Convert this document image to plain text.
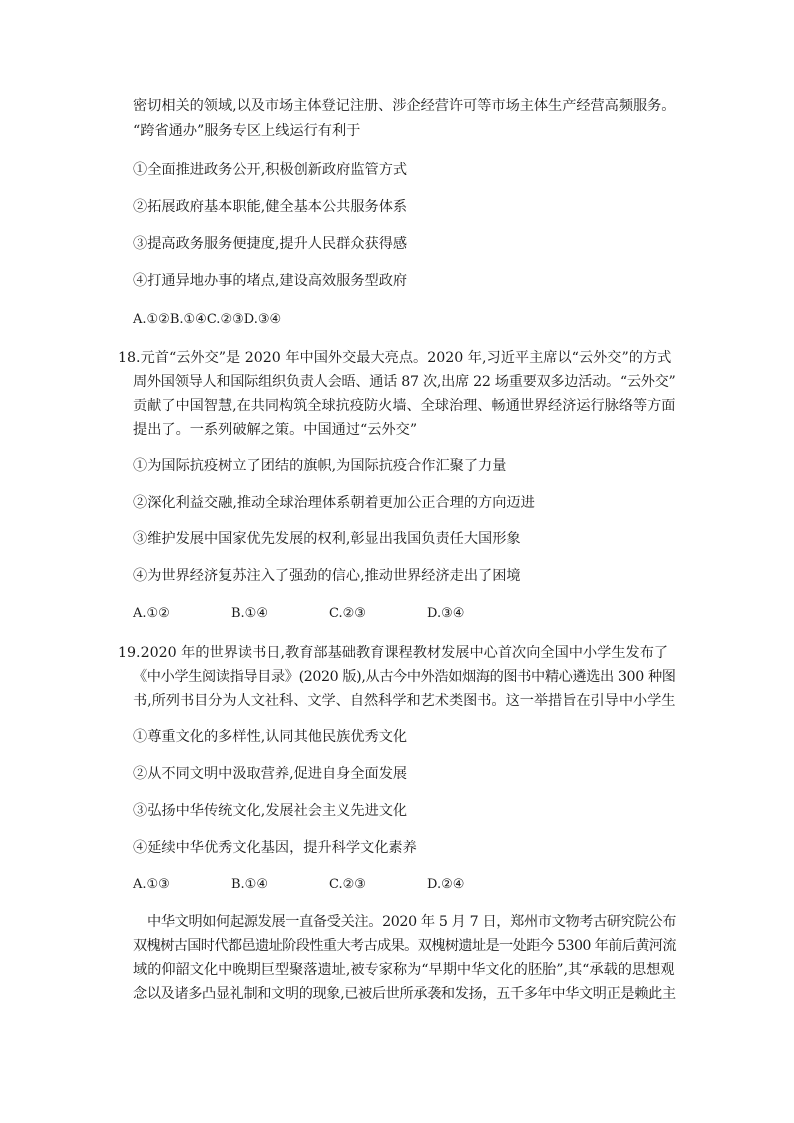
密切相关的领域,以及市场主体登记注册、涉企经营许可等市场主体生产经营高频服务。
“跨省通办”服务专区上线运行有利于
①全面推进政务公开,积极创新政府监管方式
②拓展政府基本职能,健全基本公共服务体系
③提高政务服务便捷度,提升人民群众获得感
④打通异地办事的堵点,建设高效服务型政府
A.①②B.①④C.②③D.③④
18.元首“云外交”是 2020 年中国外交最大亮点。2020 年,习近平主席以“云外交”的方式
周外国领导人和国际组织负责人会晤、通话 87 次,出席 22 场重要双多边活动。“云外交”
贡献了中国智慧,在共同构筑全球抗疫防火墙、全球治理、畅通世界经济运行脉络等方面
提出了。一系列破解之策。中国通过“云外交”
①为国际抗疫树立了团结的旗帜,为国际抗疫合作汇聚了力量
②深化利益交融,推动全球治理体系朝着更加公正合理的方向迈进
③维护发展中国家优先发展的权利,彰显出我国负责任大国形象
④为世界经济复苏注入了强劲的信心,推动世界经济走出了困境
A.①②	B.①④	C.②③	D.③④
19.2020 年的世界读书日,教育部基础教育课程教材发展中心首次向全国中小学生发布了
《中小学生阅读指导目录》(2020 版),从古今中外浩如烟海的图书中精心遴选出 300 种图
书,所列书目分为人文社科、文学、自然科学和艺术类图书。这一举措旨在引导中小学生
①尊重文化的多样性,认同其他民族优秀文化
②从不同文明中汲取营养,促进自身全面发展
③弘扬中华传统文化,发展社会主义先进文化
④延续中华优秀文化基因，提升科学文化素养
A.①③	B.①④	C.②③	D.②④
中华文明如何起源发展一直备受关注。2020 年 5 月 7 日，郑州市文物考古研究院公布
双槐树古国时代都邑遗址阶段性重大考古成果。双槐树遗址是一处距今 5300 年前后黄河流
域的仰韶文化中晚期巨型聚落遗址,被专家称为“早期中华文化的胚胎”,其“承载的思想观
念以及诸多凸显礼制和文明的现象,已被后世所承袭和发扬，五千多年中华文明正是赖此主
